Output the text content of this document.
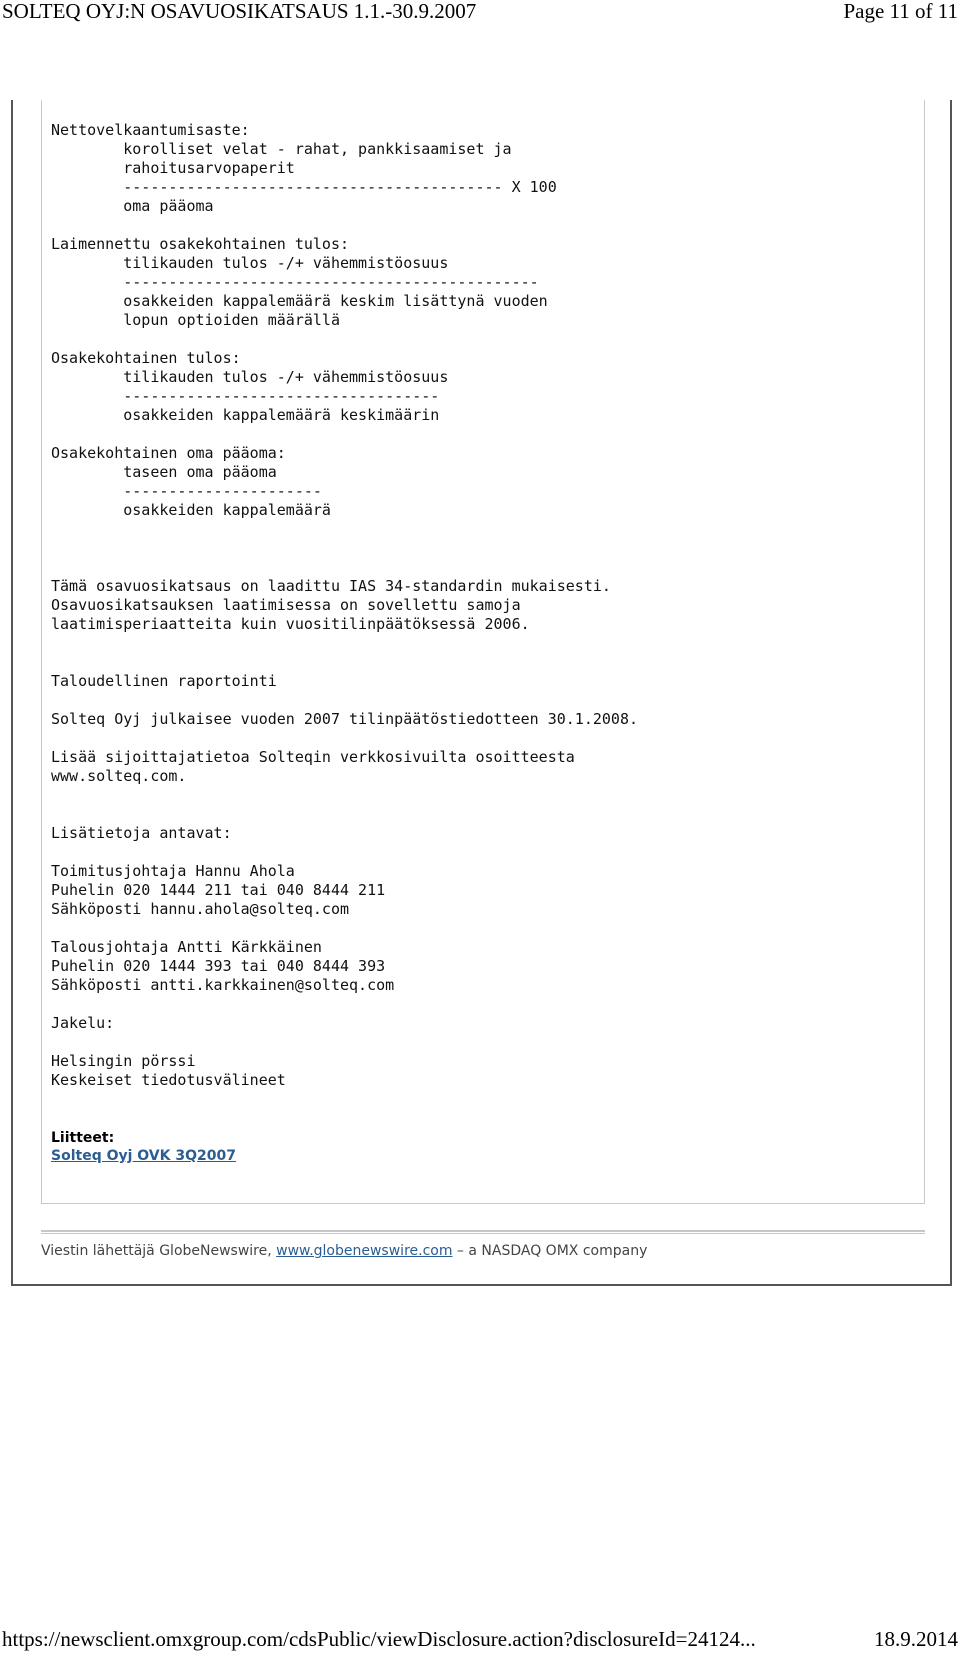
SOLTEQ OYJ:N OSAVUOSIKATSAUS 1.1.-30.9.2007	Page 11 of 11
Nettovelkaantumisaste:
korolliset velat - rahat, pankkisaamiset ja
rahoitusarvopaperit
------------------------------------------ X 100
oma pääoma

Laimennettu osakekohtainen tulos:
tilikauden tulos -/+ vähemmistöosuus
----------------------------------------------
osakkeiden kappalemäärä keskim lisättynä vuoden
lopun optioiden määrällä

Osakekohtainen tulos:
tilikauden tulos -/+ vähemmistöosuus
-----------------------------------
osakkeiden kappalemäärä keskimäärin

Osakekohtainen oma pääoma:
taseen oma pääoma
----------------------
osakkeiden kappalemäärä

Tämä osavuosikatsaus on laadittu IAS 34-standardin mukaisesti.
Osavuosikatsauksen laatimisessa on sovellettu samoja
laatimisperiaatteita kuin vuositilinpäätöksessä 2006.

Taloudellinen raportointi

Solteq Oyj julkaisee vuoden 2007 tilinpäätöstiedotteen 30.1.2008.

Lisää sijoittajatietoa Solteqin verkkosivuilta osoitteesta
www.solteq.com.

Lisätietoja antavat:

Toimitusjohtaja Hannu Ahola
Puhelin 020 1444 211 tai 040 8444 211
Sähköposti hannu.ahola@solteq.com

Talousjohtaja Antti Kärkkäinen
Puhelin 020 1444 393 tai 040 8444 393
Sähköposti antti.karkkainen@solteq.com

Jakelu:

Helsingin pörssi
Keskeiset tiedotusvälineet
Liitteet:
Solteq Oyj OVK 3Q2007
Viestin lähettäjä GlobeNewswire, www.globenewswire.com – a NASDAQ OMX company
https://newsclient.omxgroup.com/cdsPublic/viewDisclosure.action?disclosureId=24124...	18.9.2014
